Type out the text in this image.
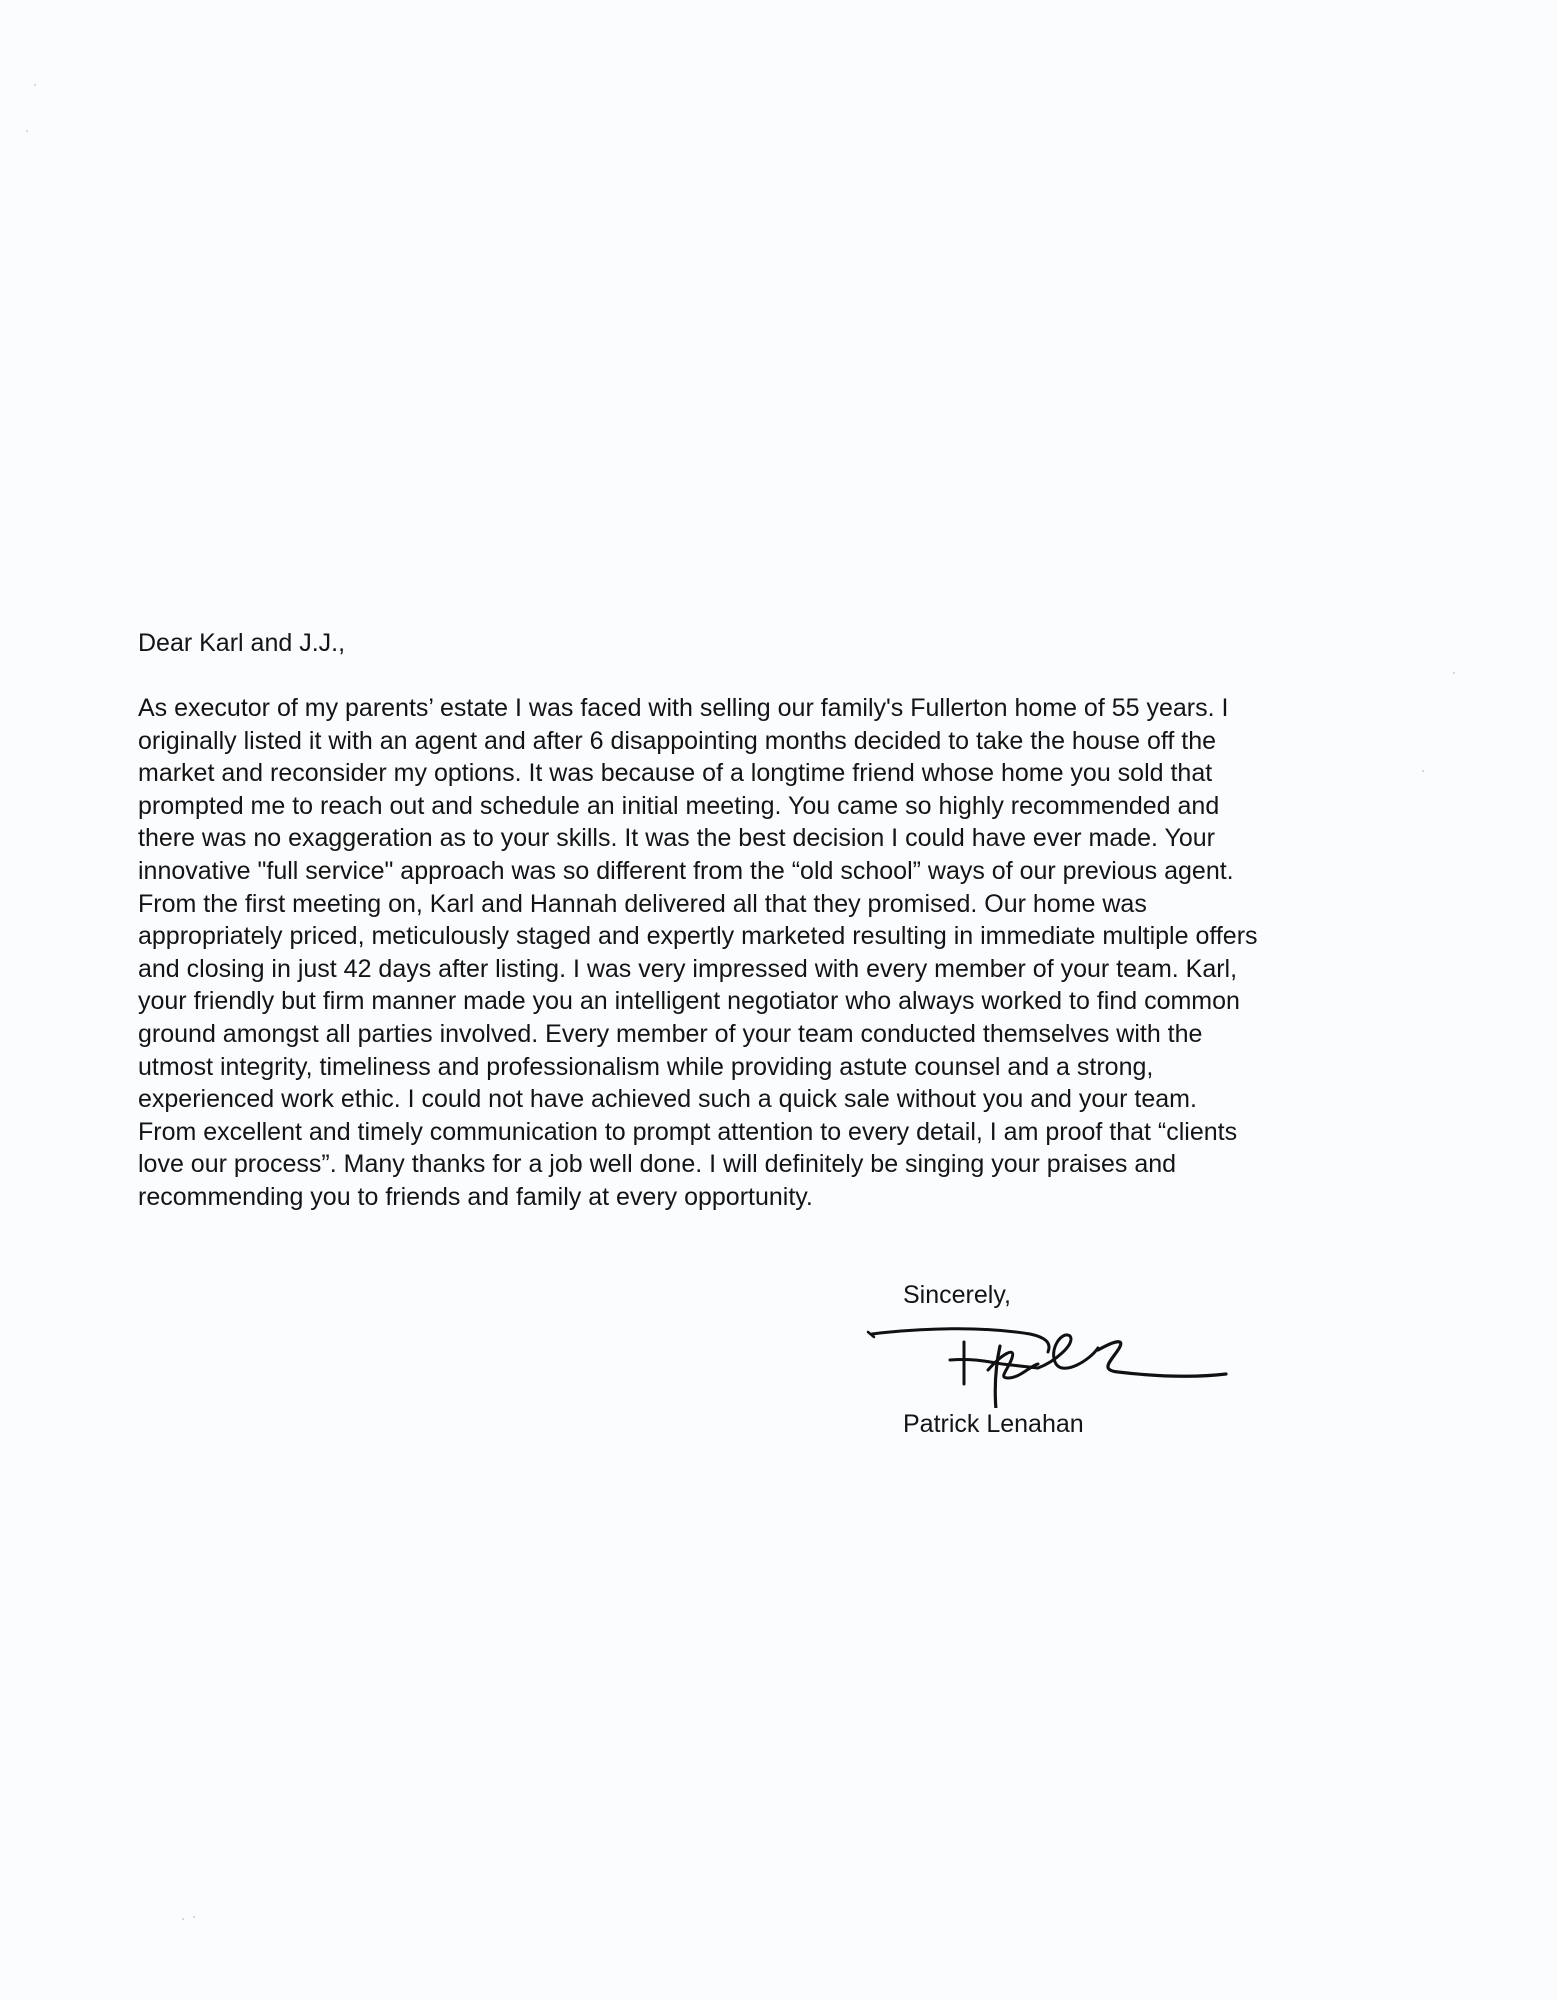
Dear Karl and J.J.,

As executor of my parents’ estate I was faced with selling our family's Fullerton home of 55 years. I
originally listed it with an agent and after 6 disappointing months decided to take the house off the
market and reconsider my options. It was because of a longtime friend whose home you sold that
prompted me to reach out and schedule an initial meeting. You came so highly recommended and
there was no exaggeration as to your skills. It was the best decision I could have ever made. Your
innovative "full service" approach was so different from the “old school” ways of our previous agent.
From the first meeting on, Karl and Hannah delivered all that they promised. Our home was
appropriately priced, meticulously staged and expertly marketed resulting in immediate multiple offers
and closing in just 42 days after listing. I was very impressed with every member of your team. Karl,
your friendly but firm manner made you an intelligent negotiator who always worked to find common
ground amongst all parties involved. Every member of your team conducted themselves with the
utmost integrity, timeliness and professionalism while providing astute counsel and a strong,
experienced work ethic. I could not have achieved such a quick sale without you and your team.
From excellent and timely communication to prompt attention to every detail, I am proof that “clients
love our process”. Many thanks for a job well done. I will definitely be singing your praises and
recommending you to friends and family at every opportunity.

Sincerely,

Patrick Lenahan
